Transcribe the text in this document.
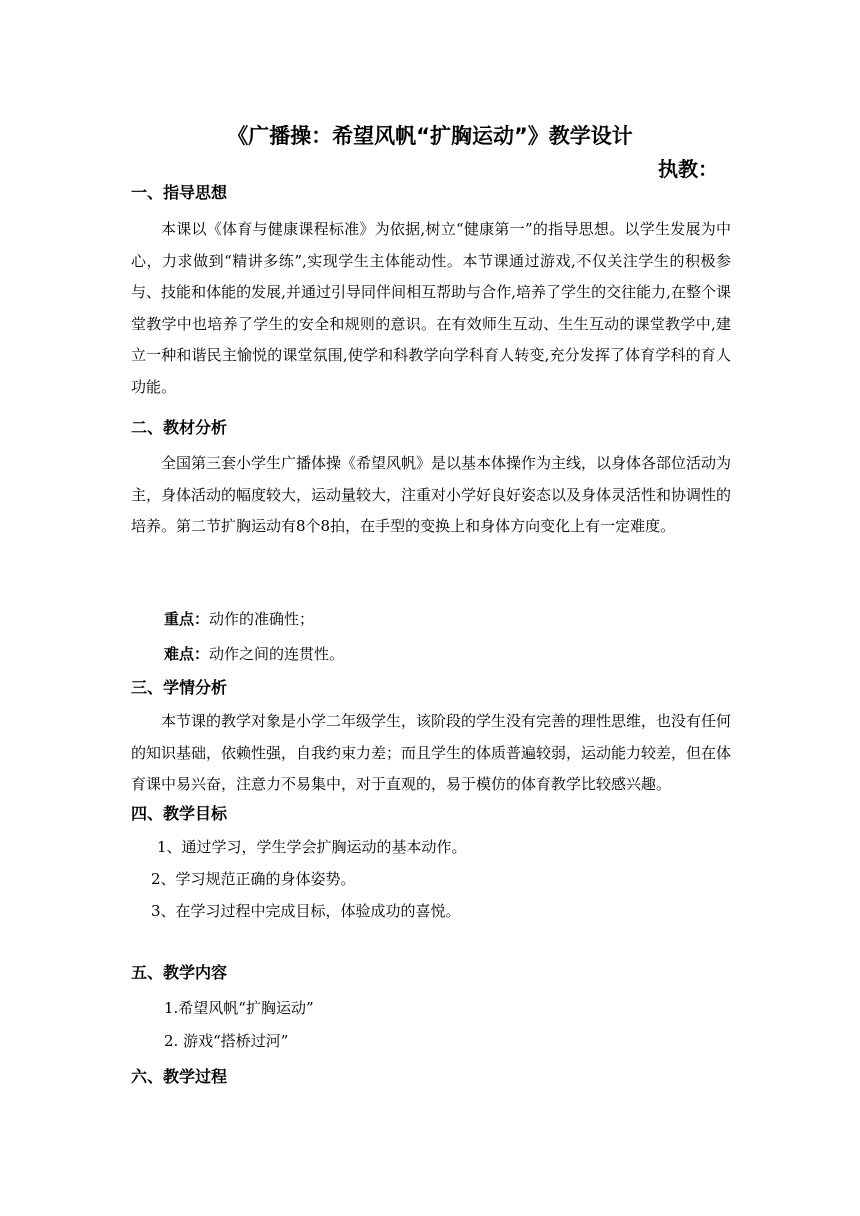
《广播操：希望风帆“扩胸运动”》教学设计
执教：
一、指导思想
本课以《体育与健康课程标准》为依据,树立“健康第一”的指导思想。以学生发展为中心，力求做到“精讲多练”,实现学生主体能动性。本节课通过游戏,不仅关注学生的积极参与、技能和体能的发展,并通过引导同伴间相互帮助与合作,培养了学生的交往能力,在整个课堂教学中也培养了学生的安全和规则的意识。在有效师生互动、生生互动的课堂教学中,建立一种和谐民主愉悦的课堂氛围,使学和科教学向学科育人转变,充分发挥了体育学科的育人功能。
二、教材分析
全国第三套小学生广播体操《希望风帆》是以基本体操作为主线，以身体各部位活动为主，身体活动的幅度较大，运动量较大，注重对小学好良好姿态以及身体灵活性和协调性的培养。第二节扩胸运动有8个8拍，在手型的变换上和身体方向变化上有一定难度。
重点：动作的准确性；
难点：动作之间的连贯性。
三、学情分析
本节课的教学对象是小学二年级学生，该阶段的学生没有完善的理性思维，也没有任何的知识基础，依赖性强，自我约束力差；而且学生的体质普遍较弱，运动能力较差，但在体育课中易兴奋，注意力不易集中，对于直观的，易于模仿的体育教学比较感兴趣。
四、教学目标
1、通过学习，学生学会扩胸运动的基本动作。
2、学习规范正确的身体姿势。
3、在学习过程中完成目标，体验成功的喜悦。
五、教学内容
1.希望风帆“扩胸运动”
2. 游戏“搭桥过河”
六、教学过程
